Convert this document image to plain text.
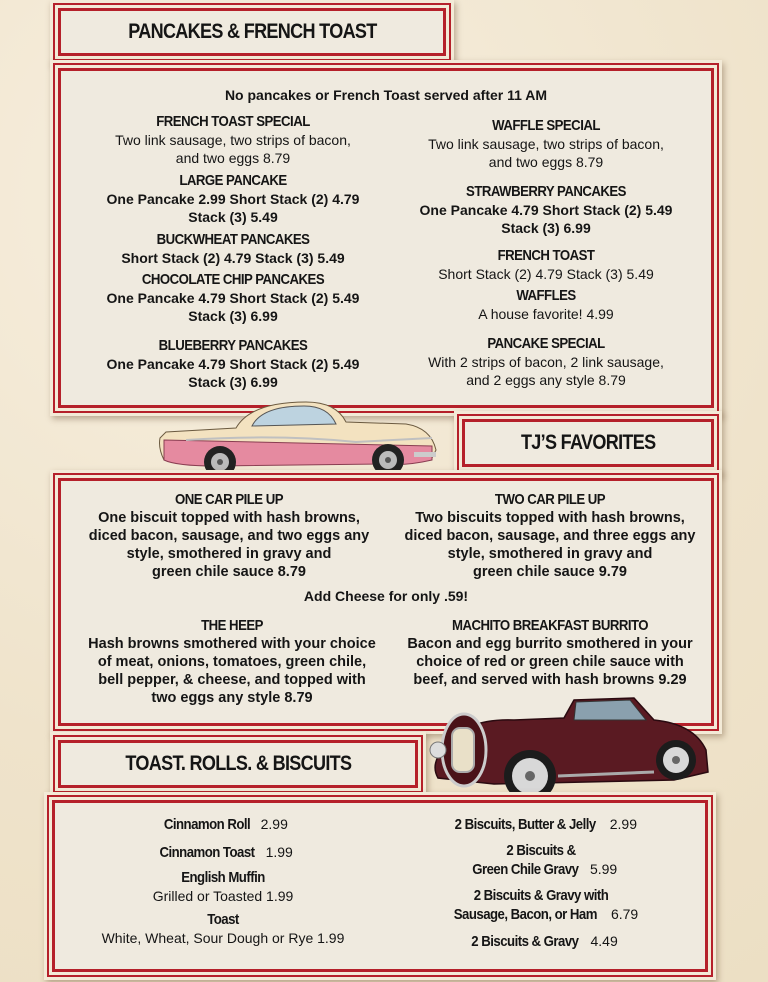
PANCAKES & FRENCH TOAST
No pancakes or French Toast served after 11 AM
FRENCH TOAST SPECIAL
Two link sausage, two strips of bacon,
and two eggs 8.79
LARGE PANCAKE
One Pancake 2.99 Short Stack (2) 4.79
Stack (3) 5.49
BUCKWHEAT PANCAKES
Short Stack (2) 4.79 Stack (3) 5.49
CHOCOLATE CHIP PANCAKES
One Pancake 4.79 Short Stack (2) 5.49
Stack (3) 6.99
BLUEBERRY PANCAKES
One Pancake 4.79 Short Stack (2) 5.49
Stack (3) 6.99
WAFFLE SPECIAL
Two link sausage, two strips of bacon,
and two eggs 8.79
STRAWBERRY PANCAKES
One Pancake 4.79 Short Stack (2) 5.49
Stack (3) 6.99
FRENCH TOAST
Short Stack (2) 4.79 Stack (3) 5.49
WAFFLES
A house favorite! 4.99
PANCAKE SPECIAL
With 2 strips of bacon, 2 link sausage,
and 2 eggs any style 8.79
TJ’S FAVORITES
ONE CAR PILE UP
One biscuit topped with hash browns,
diced bacon, sausage, and two eggs any
style, smothered in gravy and
green chile sauce 8.79
TWO CAR PILE UP
Two biscuits topped with hash browns,
diced bacon, sausage, and three eggs any
style, smothered in gravy and
green chile sauce 9.79
Add Cheese for only .59!
THE HEEP
Hash browns smothered with your choice
of meat, onions, tomatoes, green chile,
bell pepper, & cheese, and topped with
two eggs any style 8.79
MACHITO BREAKFAST BURRITO
Bacon and egg burrito smothered in your
choice of red or green chile sauce with
beef, and served with hash browns 9.29
TOAST. ROLLS. & BISCUITS
Cinnamon Roll 2.99
Cinnamon Toast 1.99
English Muffin
Grilled or Toasted 1.99
Toast
White, Wheat, Sour Dough or Rye 1.99
2 Biscuits, Butter & Jelly 2.99
2 Biscuits &
Green Chile Gravy 5.99
2 Biscuits & Gravy with
Sausage, Bacon, or Ham 6.79
2 Biscuits & Gravy 4.49
